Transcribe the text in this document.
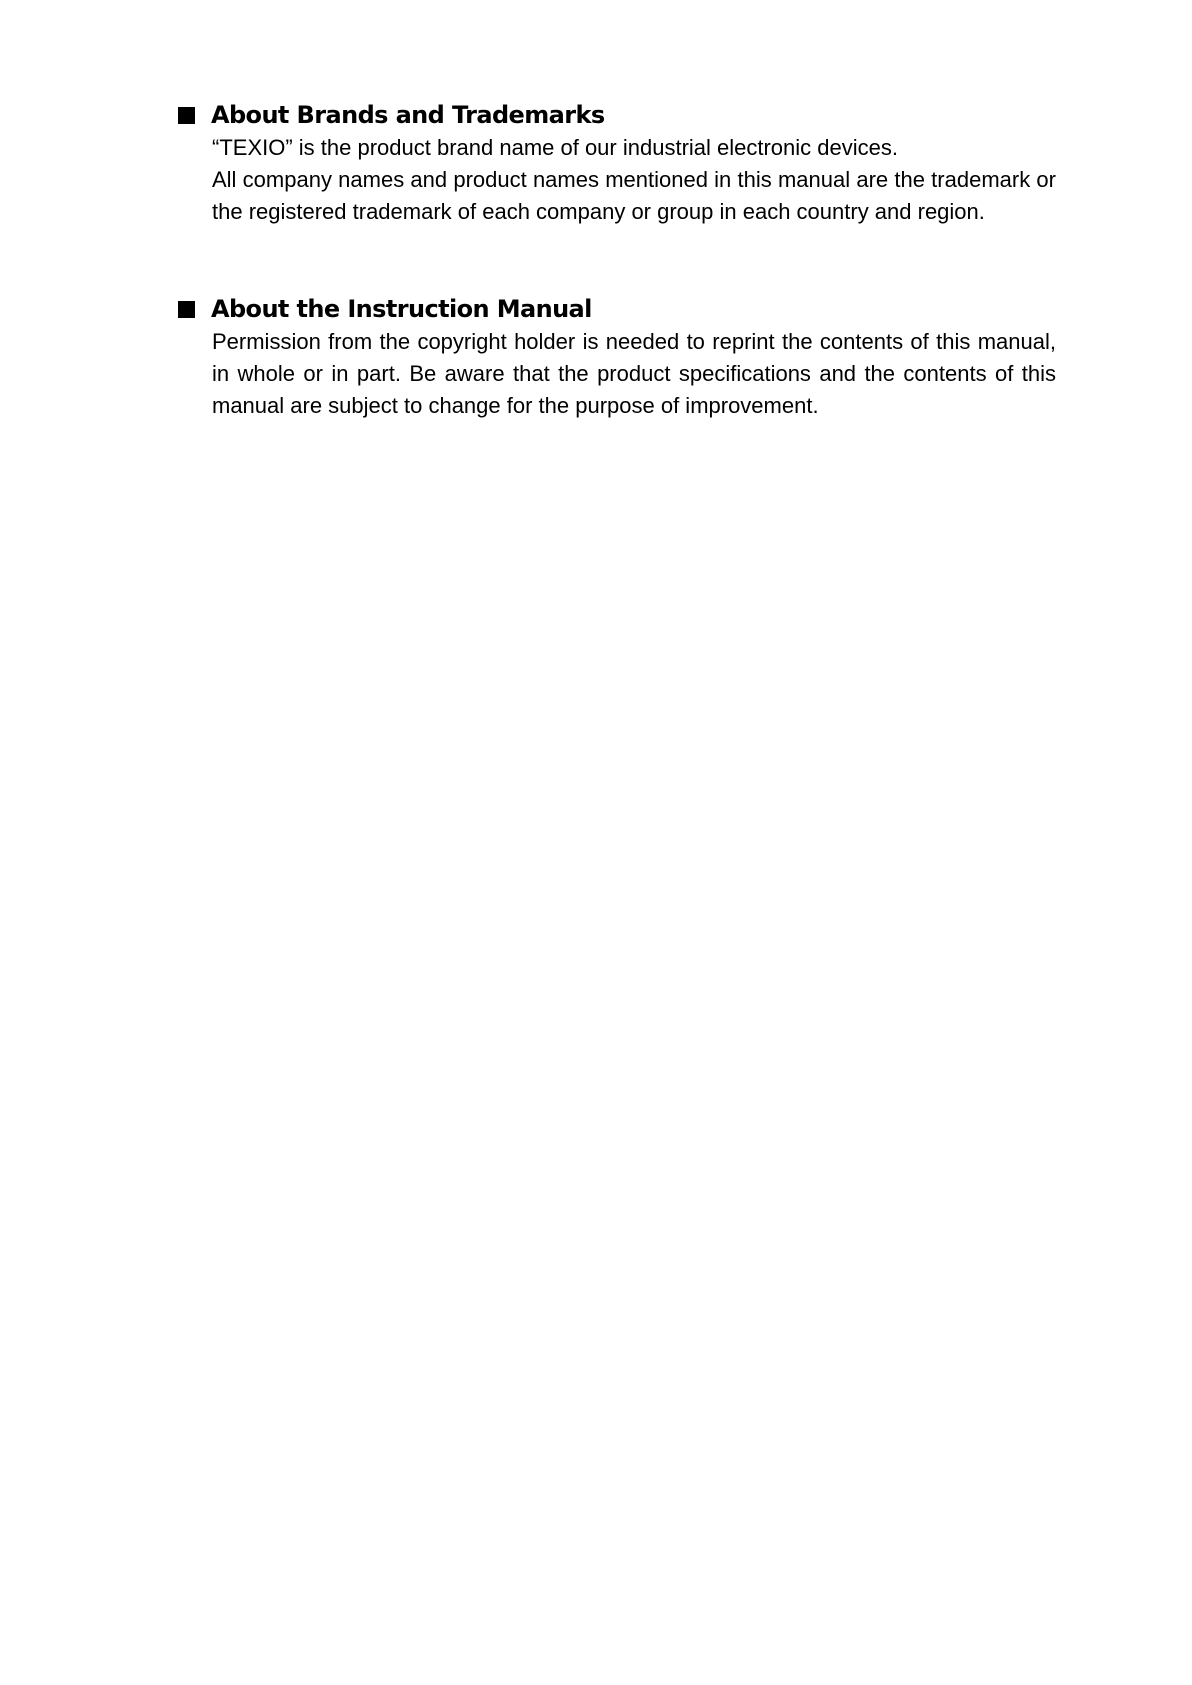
About Brands and Trademarks

“TEXIO” is the product brand name of our industrial electronic devices.

All company names and product names mentioned in this manual are the trademark or the registered trademark of each company or group in each country and region.

About the Instruction Manual

Permission from the copyright holder is needed to reprint the contents of this manual, in whole or in part. Be aware that the product specifications and the contents of this manual are subject to change for the purpose of improvement.
